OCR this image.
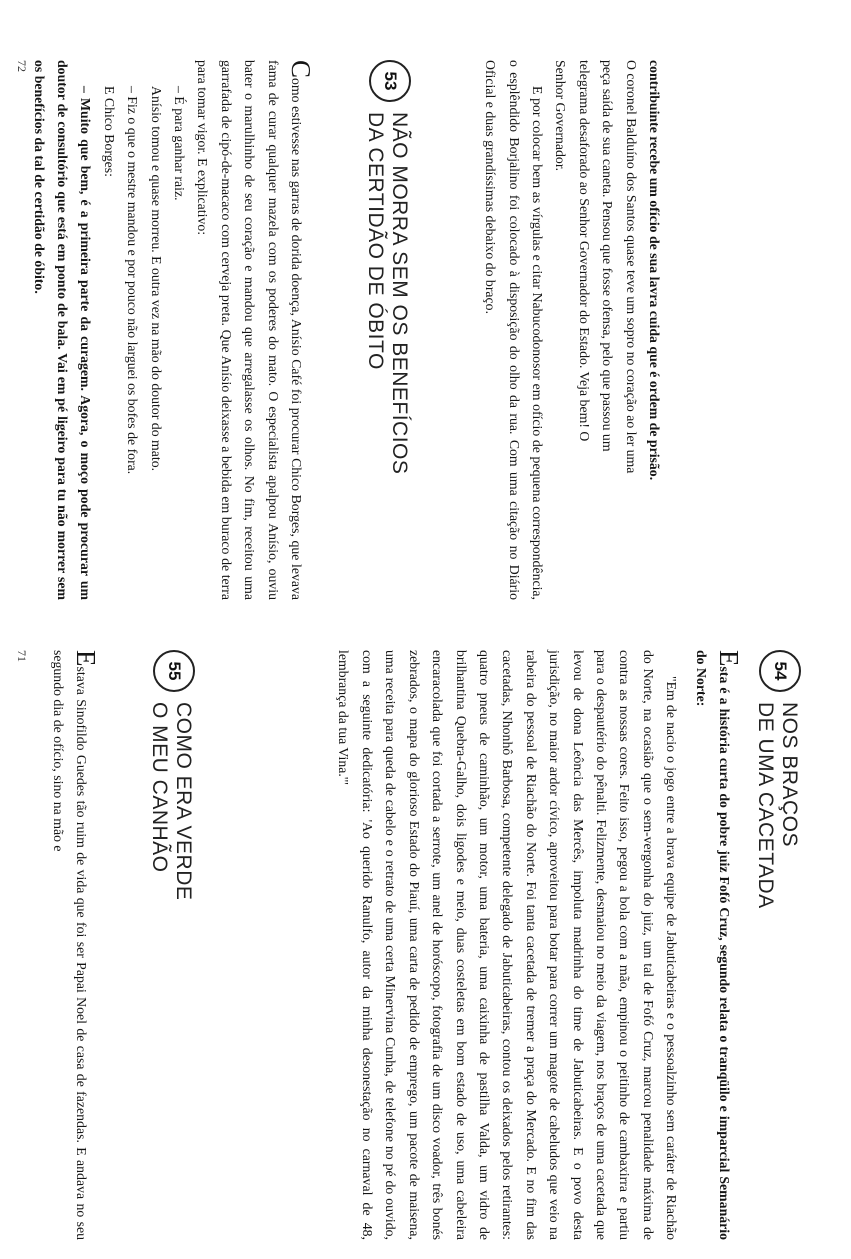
contribuinte recebe um ofício de sua lavra cuida que é ordem de prisão.

O coronel Balduíno dos Santos quase teve um sopro no coração ao ler uma

peça saída de sua caneta. Pensou que fosse ofensa, pelo que passou um

telegrama desaforado ao Senhor Governador do Estado. Veja bem! O

Senhor Governador.

E por colocar bem as vírgulas e citar Nabucodonosor em ofício de pequena correspondência, o esplêndido Borjalino foi colocado à disposição do olho da rua. Com uma citação no Diário Oficial e duas grandíssimas debaixo do braço.

53
NÃO MORRA SEM OS BENEFÍCIOS
DA CERTIDÃO DE ÓBITO

Como estivesse nas garras de dorida doença, Anísio Café foi procurar Chico Borges, que levava fama de curar qualquer mazela com os poderes do mato. O especialista apalpou Anísio, ouviu bater o marulhinho de seu coração e mandou que arregalasse os olhos. No fim, receitou uma garrafada de cipó-de-macaco com cerveja preta. Que Anísio deixasse a bebida em buraco de terra para tomar vigor. E explicativo:

– É para ganhar raiz.

Anísio tomou e quase morreu. E outra vez na mão do doutor do mato.

– Fiz o que o mestre mandou e por pouco não larguei os bofes de fora.

E Chico Borges:

– Muito que bem, é a primeira parte da curagem. Agora, o moço pode procurar um doutor de consultório que está em ponto de bala. Vai em pé ligeiro para tu não morrer sem os benefícios da tal de certidão de óbito.

72
54
NOS BRAÇOS
DE UMA CACETADA

Esta é a história curta do pobre juiz Fofó Cruz, segundo relata o tranqüilo e imparcial Semanário do Norte:

"Em de nacio o jogo entre a brava equipe de Jabuticabeiras e o pessoalzinho sem caráter de Riachão do Norte, na ocasião que o sem-vergonha do juiz, um tal de Fofó Cruz, marcou penalidade máxima de contra as nossas cores. Feito isso, pegou a bola com a mão, empinou o peitinho de cambaxirra e partiu para o despautério do pênalti. Felizmente, desmaiou no meio da viagem, nos braços de uma cacetada que levou de dona Leôncia das Mercês, impoluta madrinha do time de Jabuticabeiras. E o povo desta jurisdição, no maior ardor cívico, aproveitou para botar para correr um magote de cabeludos que veio na rabeira do pessoal de Riachão do Norte. Foi tanta cacetada de tremer a praça do Mercado. E no fim das cacetadas, Nhonhô Barbosa, competente delegado de Jabuticabeiras, contou os deixados pelos retirantes: quatro pneus de caminhão, um motor, uma bateria, uma caixinha de pastilha Valda, um vidro de brilhantina Quebra-Galho, dois ligodes e meio, duas costeletas em bom estado de uso, uma cabeleira encaracolada que foi cortada a serrote, um anel de horóscopo, fotografia de um disco voador, três bonés zebrados, o mapa do glorioso Estado do Piauí, uma carta de pedido de emprego, um pacote de maisena, uma receita para queda de cabelo e o retrato de uma certa Minervina Cunha, de telefone no pé do ouvido, com a seguinte dedicatória: 'Ao querido Ranulfo, autor da minha desonestação no carnaval de 48, lembrança da tua Vina.'"

55
COMO ERA VERDE
O MEU CANHÃO

Estava Sinofildo Guedes tão ruim de vida que foi ser Papai Noel de casa de fazendas. E andava no seu segundo dia de ofício, sino na mão e

71
